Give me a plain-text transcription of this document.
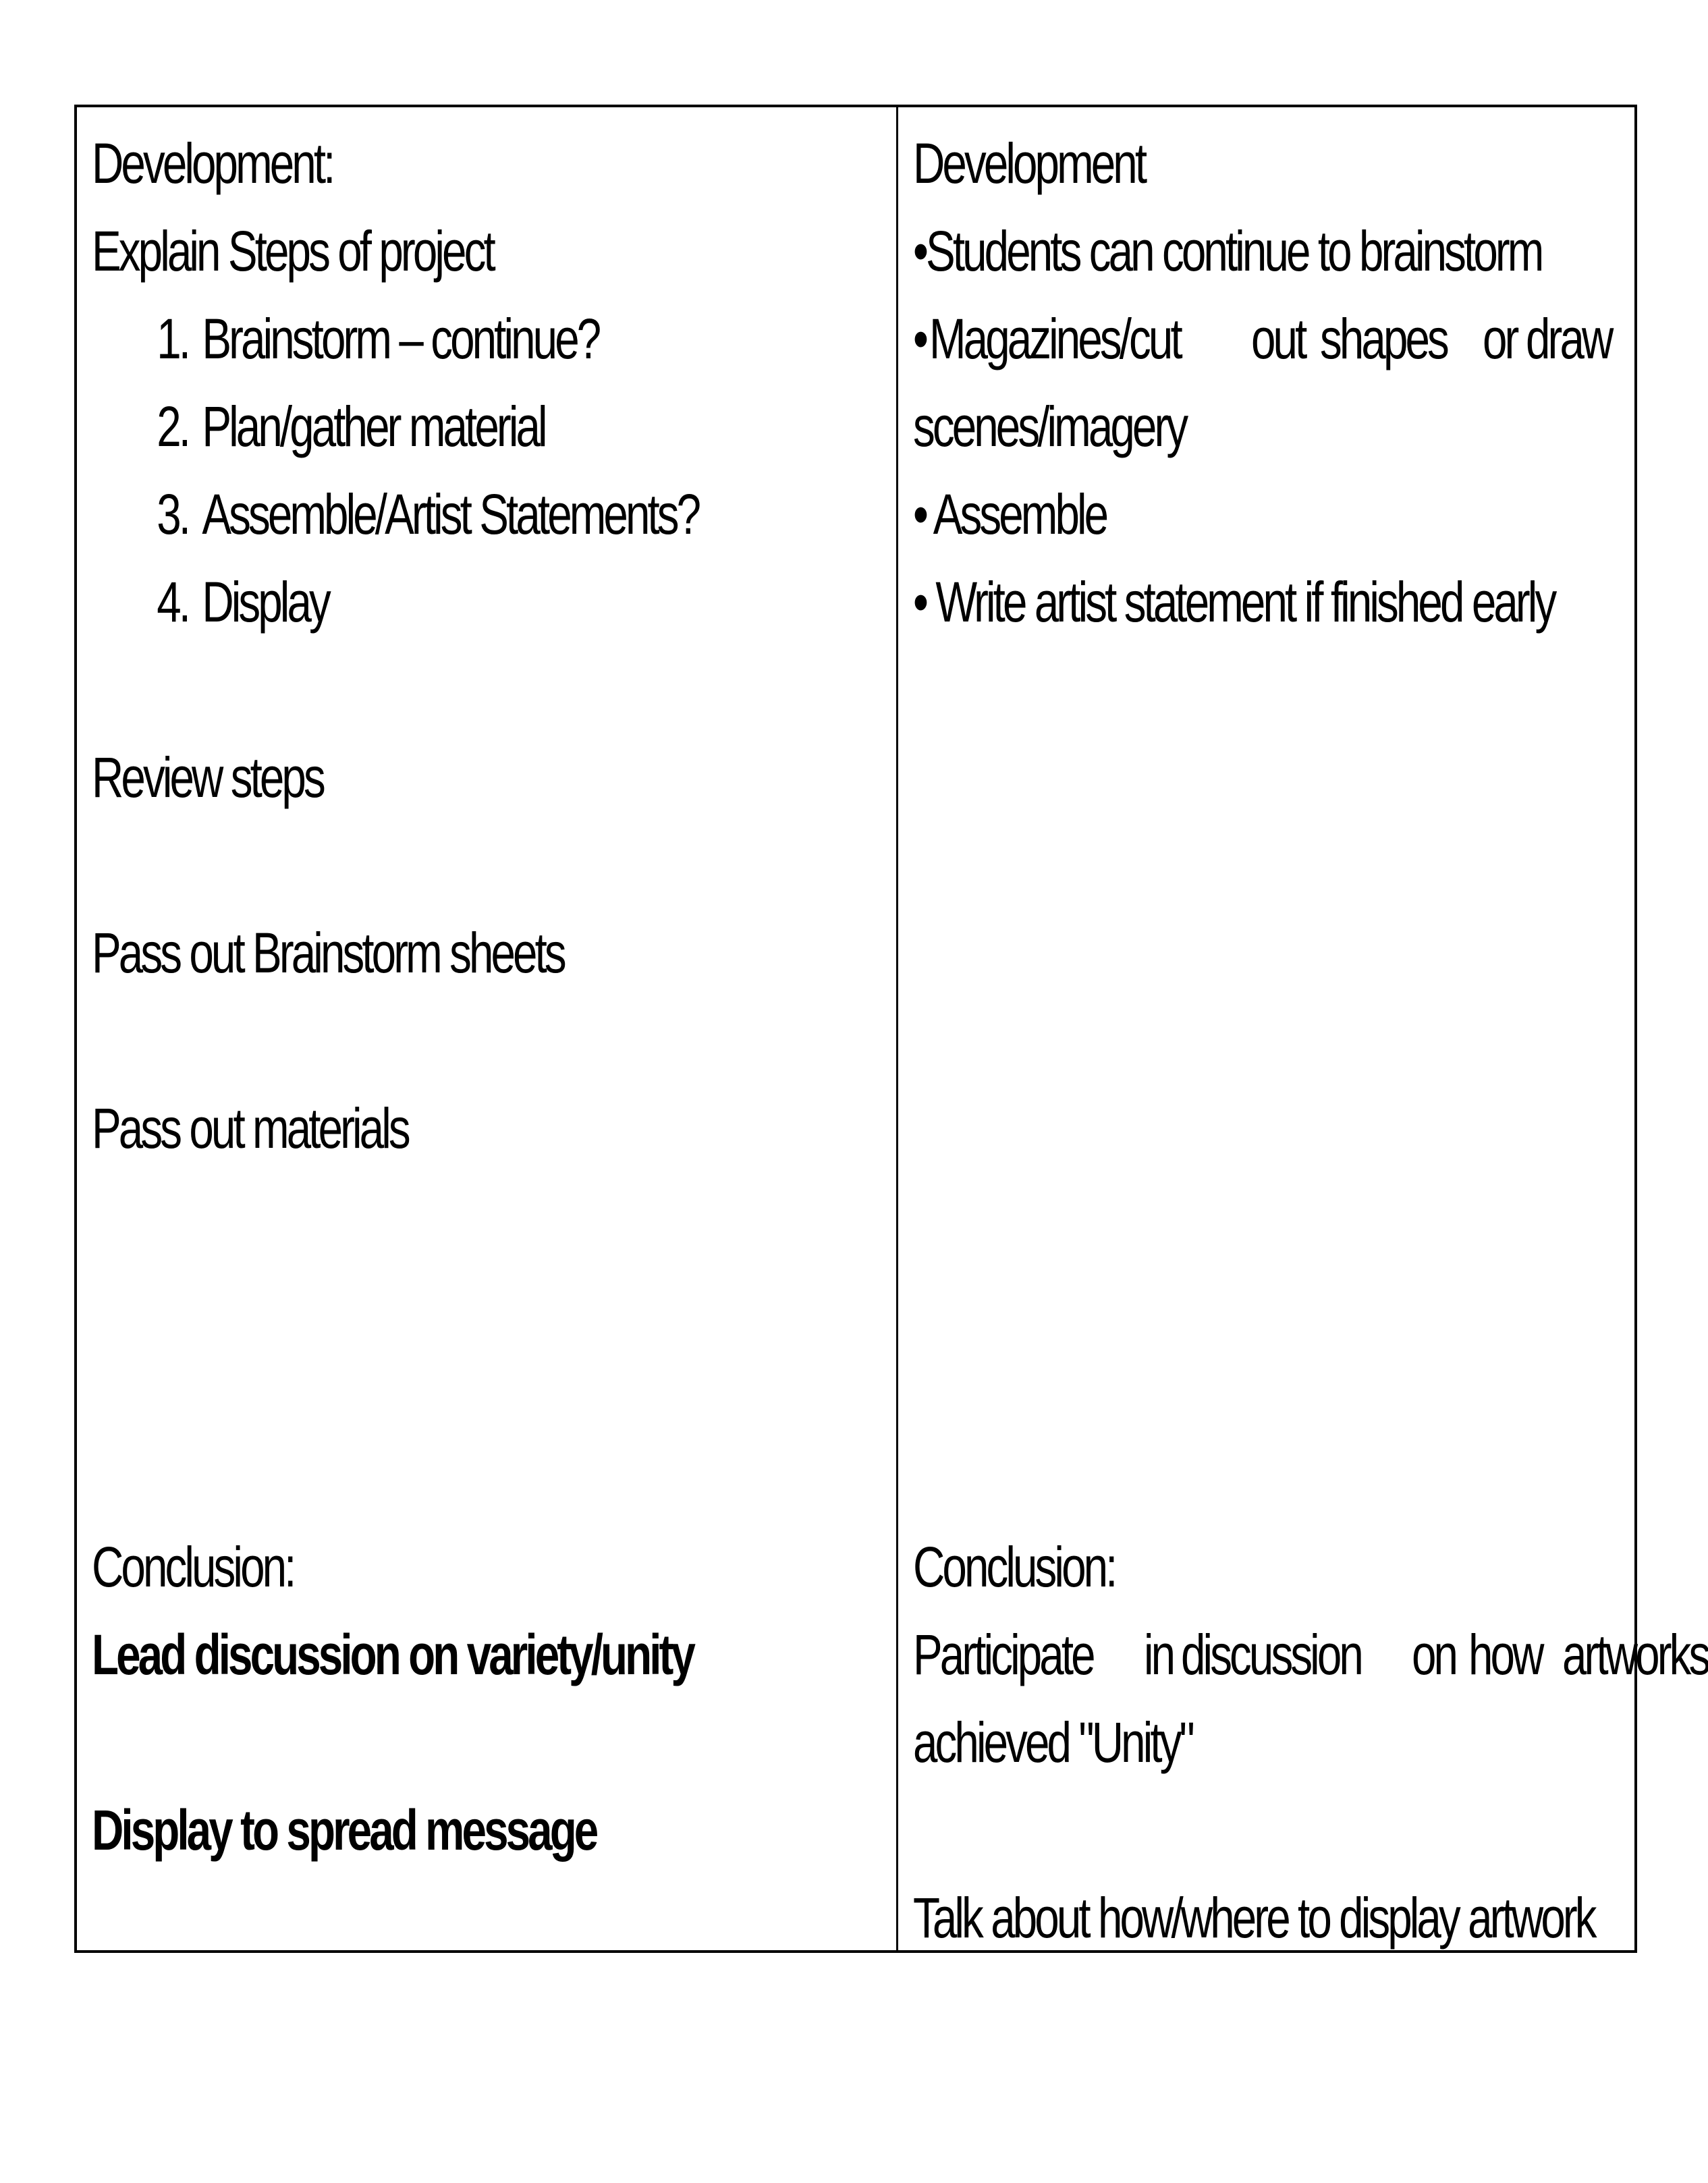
Development:
Explain Steps of project
1. Brainstorm – continue?
2. Plan/gather material
3. Assemble/Artist Statements?
4. Display
Review steps
Pass out Brainstorm sheets
Pass out materials
Conclusion:
Lead discussion on variety/unity
Display to spread message
Development
•Students can continue to brainstorm
• Magazines/cut out shapes or draw
scenes/imagery
• Assemble
• Write artist statement if finished early
Conclusion:
Participate in discussion on how artworks
achieved "Unity"
Talk about how/where to display artwork
